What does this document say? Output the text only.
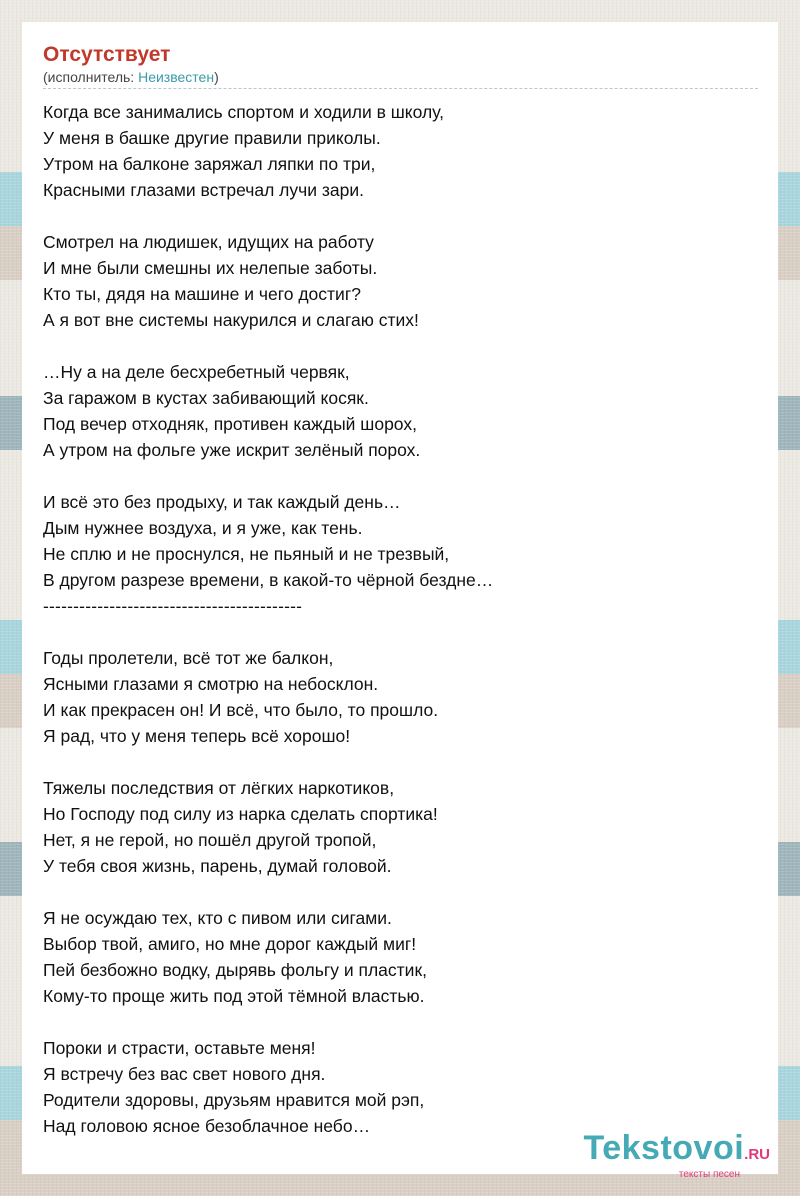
Отсутствует
(исполнитель: Неизвестен)
Когда все занимались спортом и ходили в школу,
У меня в башке другие правили приколы.
Утром на балконе заряжал ляпки по три,
Красными глазами встречал лучи зари.
Смотрел на людишек, идущих на работу
И мне были смешны их нелепые заботы.
Кто ты, дядя на машине и чего достиг?
А я вот вне системы накурился и слагаю стих!
…Ну а на деле бесхребетный червяк,
За гаражом в кустах забивающий косяк.
Под вечер отходняк, противен каждый шорох,
А утром на фольге уже искрит зелёный порох.
И всё это без продыху, и так каждый день…
Дым нужнее воздуха, и я уже, как тень.
Не сплю и не проснулся, не пьяный и не трезвый,
В другом разрезе времени, в какой-то чёрной бездне…
-------------------------------------------
Годы пролетели, всё тот же балкон,
Ясными глазами я смотрю на небосклон.
И как прекрасен он! И всё, что было, то прошло.
Я рад, что у меня теперь всё хорошо!
Тяжелы последствия от лёгких наркотиков,
Но Господу под силу из нарка сделать спортика!
Нет, я не герой, но пошёл другой тропой,
У тебя своя жизнь, парень, думай головой.
Я не осуждаю тех, кто с пивом или сигами.
Выбор твой, амиго, но мне дорог каждый миг!
Пей безбожно водку, дырявь фольгу и пластик,
Кому-то проще жить под этой тёмной властью.
Пороки и страсти, оставьте меня!
Я встречу без вас свет нового дня.
Родители здоровы, друзьям нравится мой рэп,
Над головою ясное безоблачное небо…
Tekstovoi.RU
тексты песен
